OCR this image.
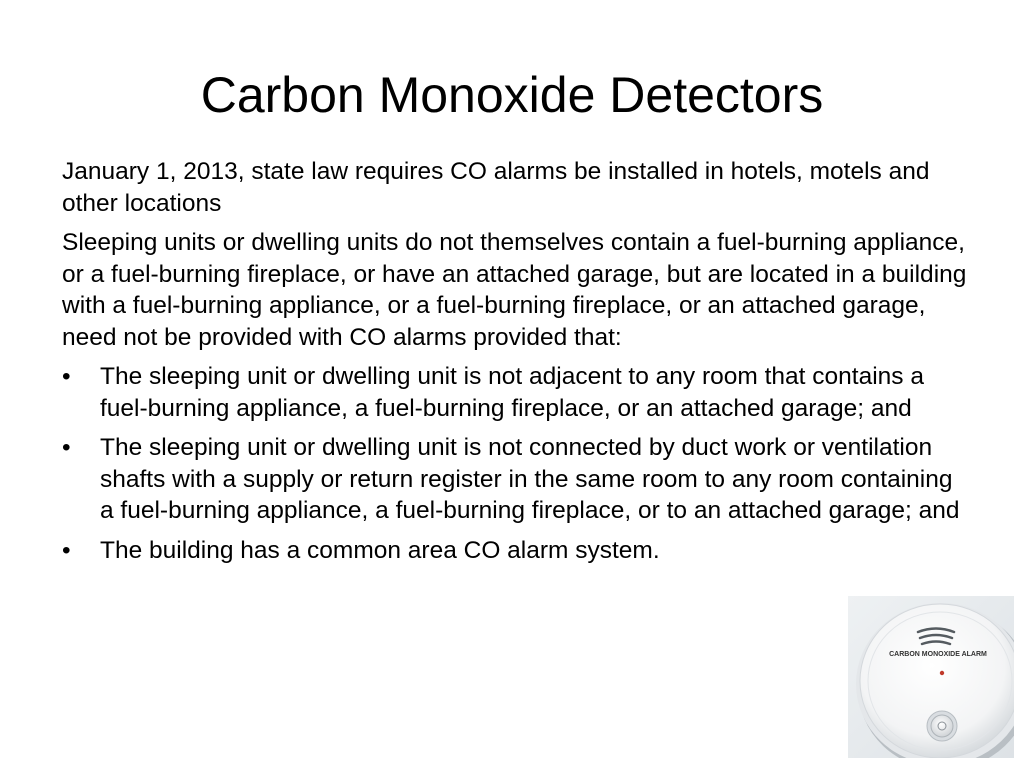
Carbon Monoxide Detectors

January 1, 2013, state law requires CO alarms be installed in hotels, motels and other locations

Sleeping units or dwelling units do not themselves contain a fuel-burning appliance, or a fuel-burning fireplace, or have an attached garage, but are located in a building with a fuel-burning appliance, or a fuel-burning fireplace, or an attached garage, need not be provided with CO alarms provided that:

• The sleeping unit or dwelling unit is not adjacent to any room that contains a fuel-burning appliance, a fuel-burning fireplace, or an attached garage; and
• The sleeping unit or dwelling unit is not connected by duct work or ventilation shafts with a supply or return register in the same room to any room containing a fuel-burning appliance, a fuel-burning fireplace, or to an attached garage; and
• The building has a common area CO alarm system.
CARBON MONOXIDE ALARM
